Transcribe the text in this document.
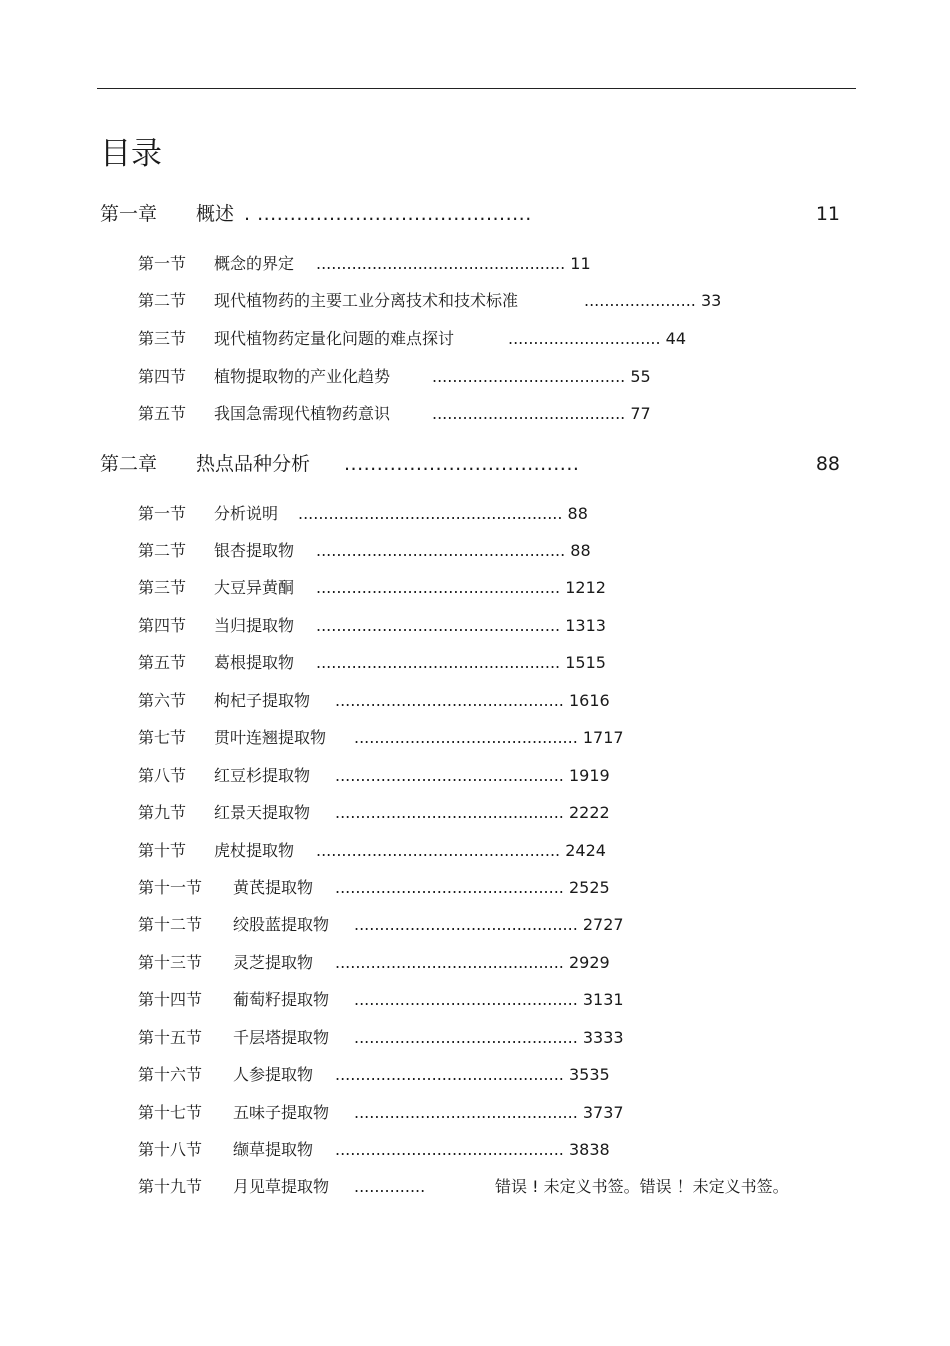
目录
第一章 概述 . ..........................................	11
第一节 概念的界定 ................................................. 11
第二节 现代植物药的主要工业分离技术和技术标准	...................... 33
第三节 现代植物药定量化问题的难点探讨	.............................. 44
第四节 植物提取物的产业化趋势	...................................... 55
第五节 我国急需现代植物药意识	...................................... 77
第二章 热点品种分析 ....................................	88
第一节 分析说明 .................................................... 88
第二节 银杏提取物 ................................................. 88
第三节 大豆异黄酮 ................................................ 1212
第四节 当归提取物 ................................................ 1313
第五节 葛根提取物 ................................................ 1515
第六节 枸杞子提取物 ............................................. 1616
第七节 贯叶连翘提取物 ............................................ 1717
第八节 红豆杉提取物 ............................................. 1919
第九节 红景天提取物 ............................................. 2222
第十节 虎杖提取物 ................................................ 2424
第十一节 黄芪提取物 ............................................. 2525
第十二节 绞股蓝提取物 ............................................ 2727
第十三节 灵芝提取物 ............................................. 2929
第十四节 葡萄籽提取物 ............................................ 3131
第十五节 千层塔提取物 ............................................ 3333
第十六节 人参提取物 ............................................. 3535
第十七节 五味子提取物 ............................................ 3737
第十八节 缬草提取物 ............................................. 3838
第十九节 月见草提取物 ..............	错误 ! 未定义书签。错误 ！未定义书签。
